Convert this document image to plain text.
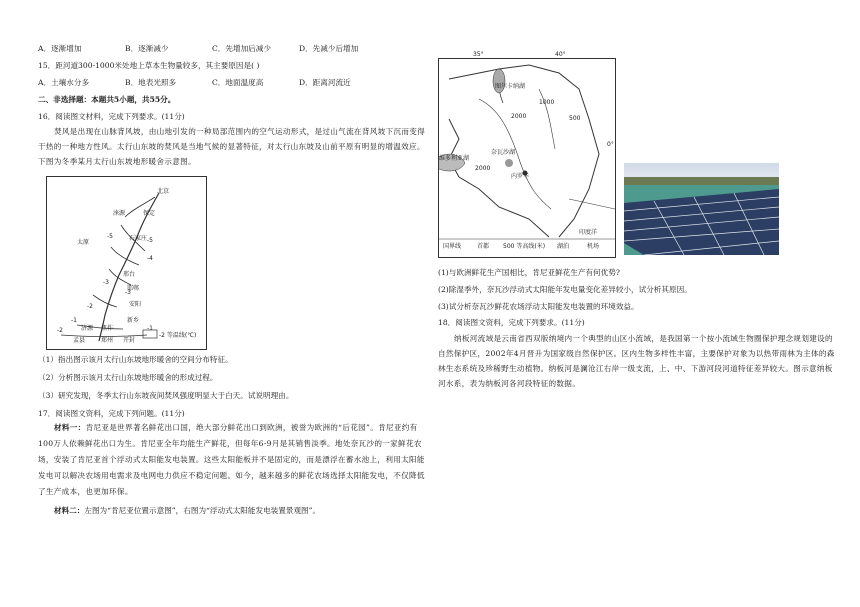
A．逐渐增加	B．逐渐减少	C．先增加后减少	D．先减少后增加
15．距河道300-1000米处地上草本生物量较多，其主要原因是( )
A．土壤水分多	B．地表光照多	C．地面温度高	D．距离河流近
二、非选择题：本题共5小题，共55分。
16．阅读图文材料，完成下列要求。(11分)
焚风是出现在山脉背风坡，由山地引发的一种局部范围内的空气运动形式，是过山气流在背风坡下沉而变得干热的一种地方性风。太行山东坡的焚风是当地气候的显著特征，对太行山东坡及山前平原有明显的增温效应。下图为冬季某月太行山东坡地形暖舍示意图。
北京
涞源	保定
太原
石家庄
邢台
邯郸
安阳
新乡
焦作
济源
孟县	郑州 开封
-5
-5
-4
-3
-3
-2
-1
-2	-1
-2 等温线(℃)
（1）指出图示该月太行山东坡地形暖舍的空间分布特征。
（2）分析图示该月太行山东坡地形暖舍的形成过程。
（3）研究发现，冬季太行山东坡夜间焚风强度明显大于白天。试说明理由。
17．阅读图文资料，完成下列问题。(11分)
材料一：肯尼亚是世界著名鲜花出口国，绝大部分鲜花出口到欧洲，被誉为欧洲的“后花园”。肯尼亚约有100万人依赖鲜花出口为生。肯尼亚全年均能生产鲜花，但每年6-9月是其销售淡季。地处奈瓦沙的一家鲜花农场，安装了肯尼亚首个浮动式太阳能发电装置。这些太阳能板并不是固定的，而是漂浮在蓄水池上，利用太阳能发电可以解决农场用电需求及电网电力供应不稳定问题。如今，越来越多的鲜花农场选择太阳能发电，不仅降低了生产成本，也更加环保。
材料二：左图为“肯尼亚位置示意图”，右图为“浮动式太阳能发电装置景观图”。
35°	40°
0°
图尔卡纳湖
维多利亚湖
奈瓦沙湖
内罗毕
印度洋
1000
500
2000
2000
国界线	首都 500 等高线(米) 湖泊	机场
(1)与欧洲鲜花生产国相比，肯尼亚鲜花生产有何优势?
(2)除湿季外，奈瓦沙浮动式太阳能年发电量变化差异较小，试分析其原因。
(3)试分析奈瓦沙鲜花农场浮动太阳能发电装置的环境效益。
18．阅读图文资料，完成下列要求。(11分)
纳板河流域是云南省西双版纳境内一个典型的山区小流域，是我国第一个按小流域生物圈保护理念规划建设的自然保护区，2002年4月晋升为国家级自然保护区。区内生物多样性丰富，主要保护对象为以热带雨林为主体的森林生态系统及珍稀野生动植物。纳板河是澜沧江右岸一级支流，上、中、下游河段河道特征差异较大。图示意纳板河水系，表为纳板河各河段特征的数据。
